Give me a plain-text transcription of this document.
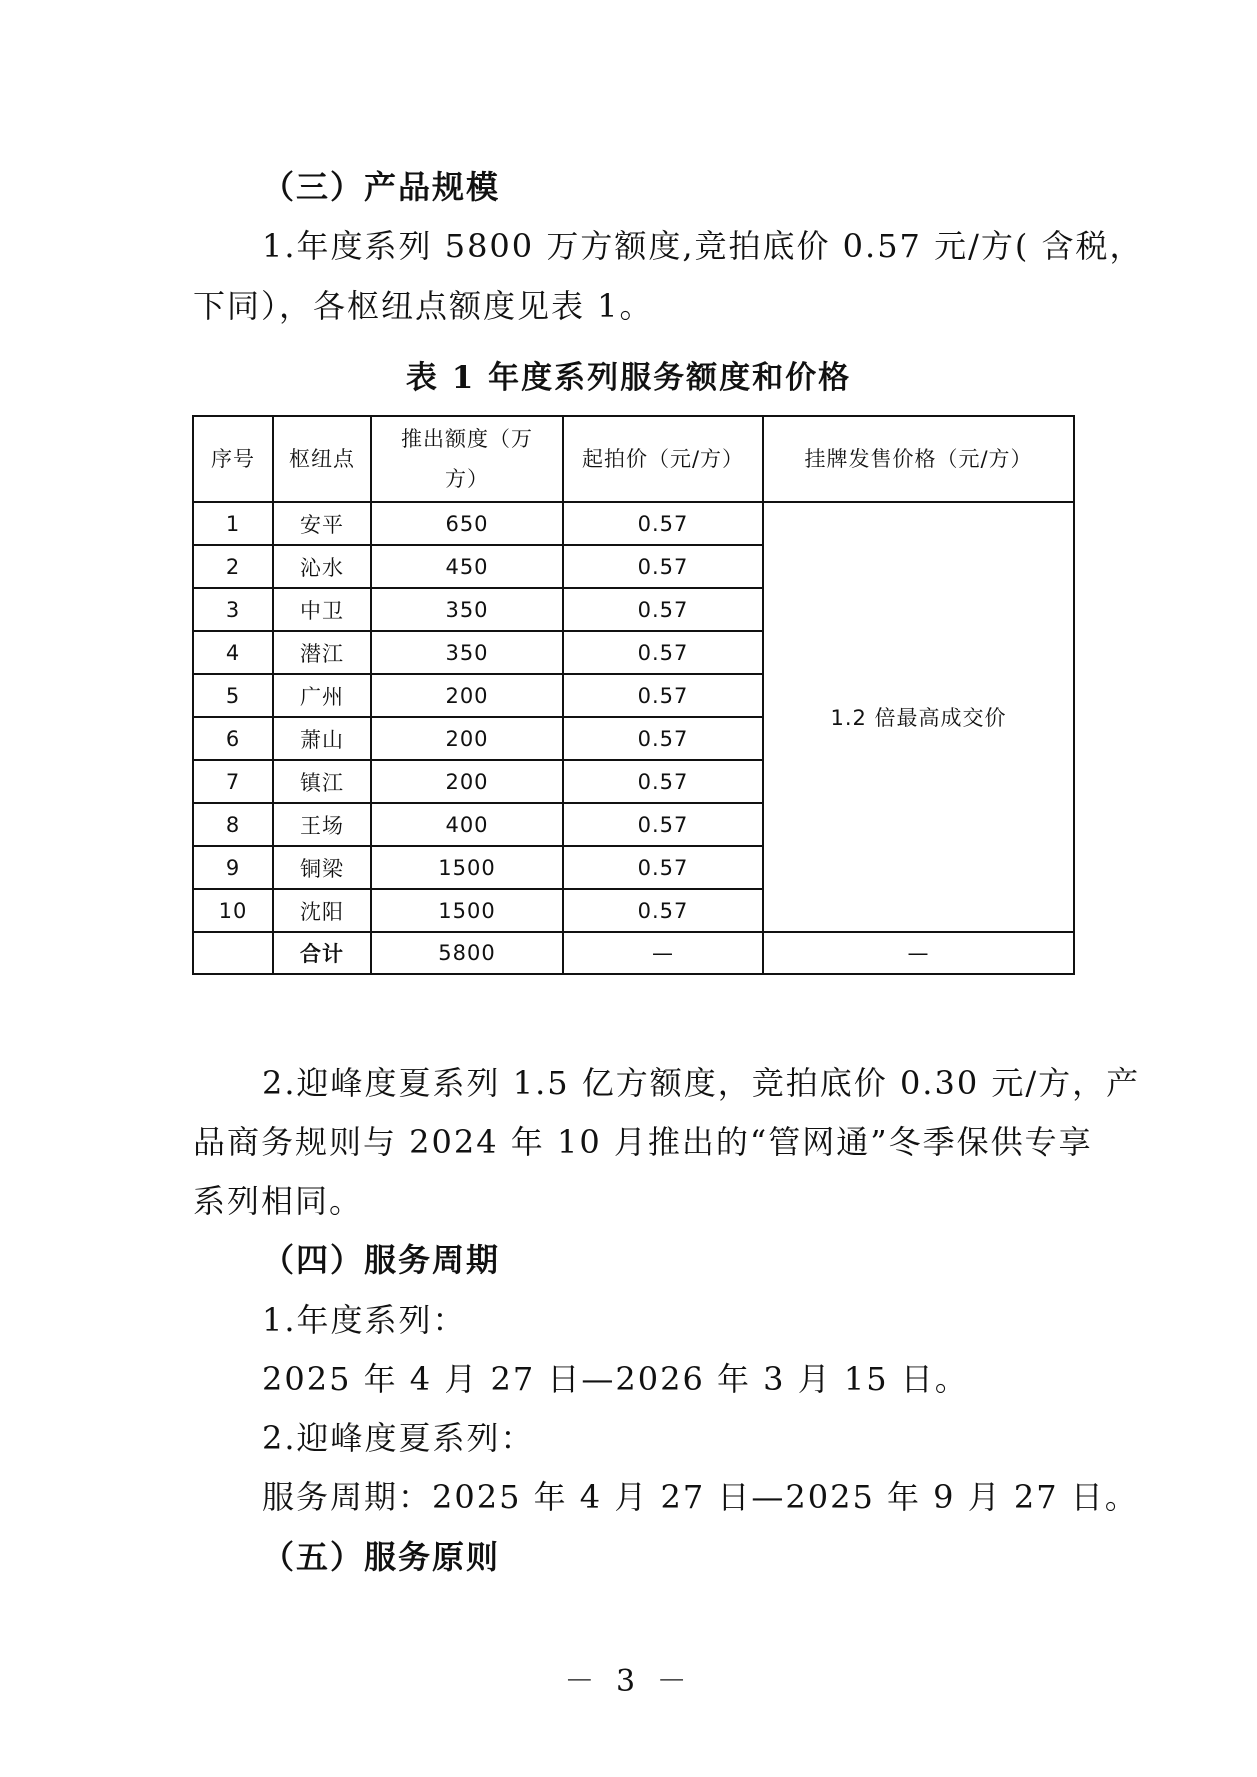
（三）产品规模
1.年度系列 5800 万方额度,竞拍底价 0.57 元/方( 含税，
下同），各枢纽点额度见表 1。
表 1 年度系列服务额度和价格
序号	枢纽点	推出额度（万方）	起拍价（元/方）	挂牌发售价格（元/方）
1	安平	650	0.57	1.2 倍最高成交价
2	沁水	450	0.57	
3	中卫	350	0.57	
4	潜江	350	0.57	
5	广州	200	0.57	
6	萧山	200	0.57	
7	镇江	200	0.57	
8	王场	400	0.57	
9	铜梁	1500	0.57	
10	沈阳	1500	0.57	
	合计	5800	—	—
2.迎峰度夏系列 1.5 亿方额度，竞拍底价 0.30 元/方，产
品商务规则与 2024 年 10 月推出的“管网通”冬季保供专享
系列相同。
（四）服务周期
1.年度系列：
2025 年 4 月 27 日—2026 年 3 月 15 日。
2.迎峰度夏系列：
服务周期：2025 年 4 月 27 日—2025 年 9 月 27 日。
（五）服务原则
－ 3 －
